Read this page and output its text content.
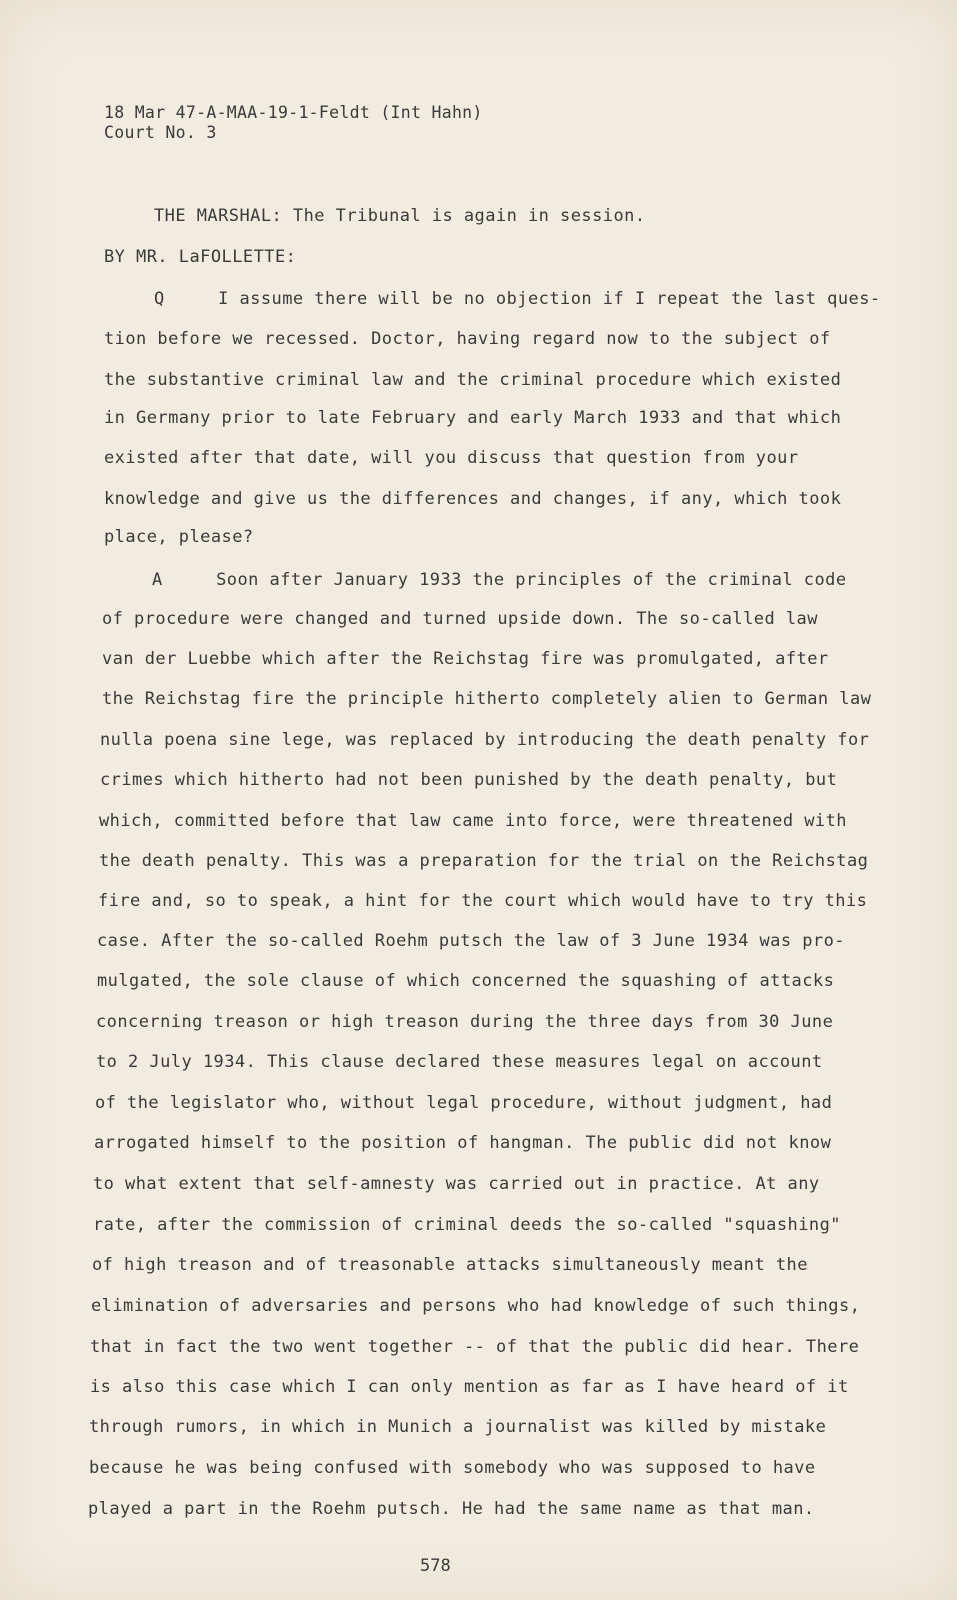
18 Mar 47-A-MAA-19-1-Feldt (Int Hahn)
Court No. 3
THE MARSHAL: The Tribunal is again in session.
BY MR. LaFOLLETTE:
Q     I assume there will be no objection if I repeat the last ques-
tion before we recessed. Doctor, having regard now to the subject of
the substantive criminal law and the criminal procedure which existed
in Germany prior to late February and early March 1933 and that which
existed after that date, will you discuss that question from your
knowledge and give us the differences and changes, if any, which took
place, please?
A     Soon after January 1933 the principles of the criminal code
of procedure were changed and turned upside down. The so-called law
van der Luebbe which after the Reichstag fire was promulgated, after
the Reichstag fire the principle hitherto completely alien to German law
nulla poena sine lege, was replaced by introducing the death penalty for
crimes which hitherto had not been punished by the death penalty, but
which, committed before that law came into force, were threatened with
the death penalty. This was a preparation for the trial on the Reichstag
fire and, so to speak, a hint for the court which would have to try this
case. After the so-called Roehm putsch the law of 3 June 1934 was pro-
mulgated, the sole clause of which concerned the squashing of attacks
concerning treason or high treason during the three days from 30 June
to 2 July 1934. This clause declared these measures legal on account
of the legislator who, without legal procedure, without judgment, had
arrogated himself to the position of hangman. The public did not know
to what extent that self-amnesty was carried out in practice. At any
rate, after the commission of criminal deeds the so-called "squashing"
of high treason and of treasonable attacks simultaneously meant the
elimination of adversaries and persons who had knowledge of such things,
that in fact the two went together -- of that the public did hear. There
is also this case which I can only mention as far as I have heard of it
through rumors, in which in Munich a journalist was killed by mistake
because he was being confused with somebody who was supposed to have
played a part in the Roehm putsch. He had the same name as that man.
578
